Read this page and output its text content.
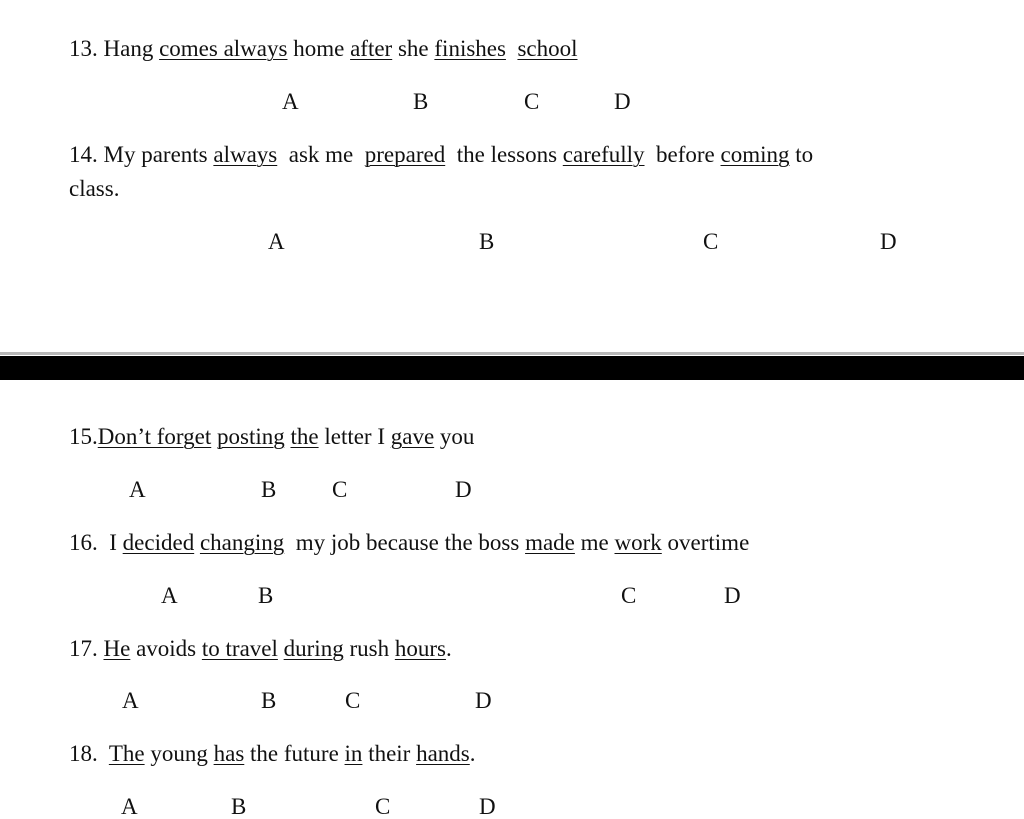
13. Hang comes always home after she finishes school
A	B	C	D
14. My parents always ask me prepared the lessons carefully before coming to
class.
A	B	C	D
15.Don’t forget posting the letter I gave you
A	B C	D
16. I decided changing my job because the boss made me work overtime
A	B	C	D
17. He avoids to travel during rush hours.
A	B	C	D
18. The young has the future in their hands.
A	B	C	D
